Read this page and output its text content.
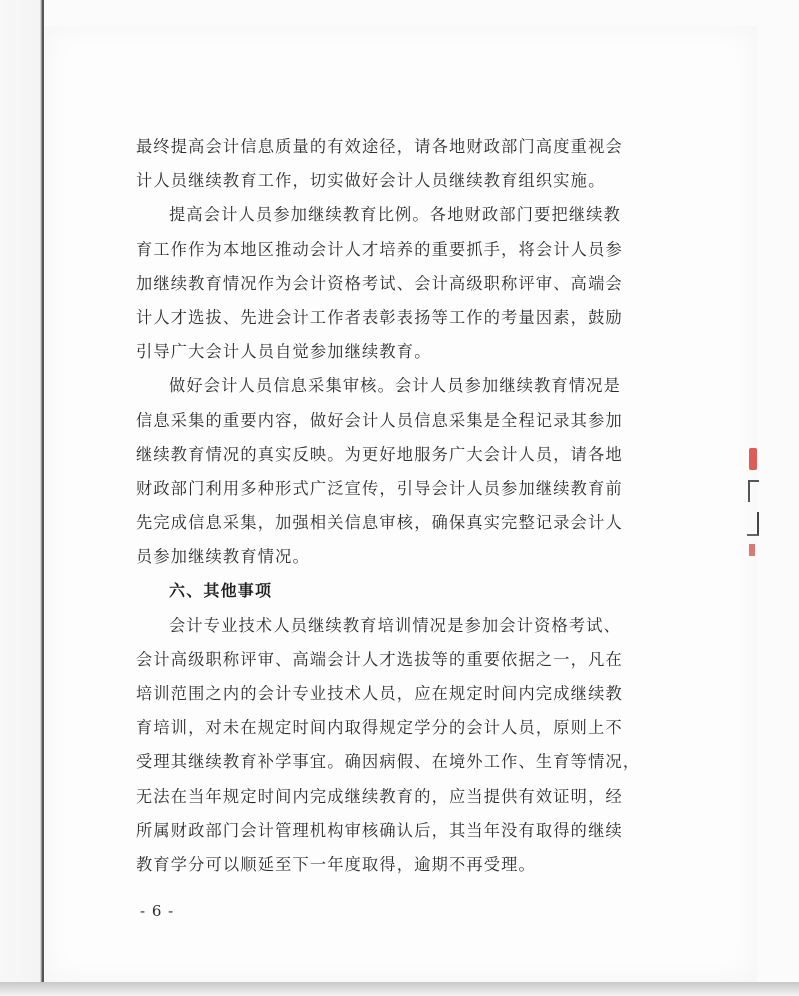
最终提高会计信息质量的有效途径，请各地财政部门高度重视会
计人员继续教育工作，切实做好会计人员继续教育组织实施。
提高会计人员参加继续教育比例。各地财政部门要把继续教
育工作作为本地区推动会计人才培养的重要抓手，将会计人员参
加继续教育情况作为会计资格考试、会计高级职称评审、高端会
计人才选拔、先进会计工作者表彰表扬等工作的考量因素，鼓励
引导广大会计人员自觉参加继续教育。
做好会计人员信息采集审核。会计人员参加继续教育情况是
信息采集的重要内容，做好会计人员信息采集是全程记录其参加
继续教育情况的真实反映。为更好地服务广大会计人员，请各地
财政部门利用多种形式广泛宣传，引导会计人员参加继续教育前
先完成信息采集，加强相关信息审核，确保真实完整记录会计人
员参加继续教育情况。
六、其他事项
会计专业技术人员继续教育培训情况是参加会计资格考试、
会计高级职称评审、高端会计人才选拔等的重要依据之一，凡在
培训范围之内的会计专业技术人员，应在规定时间内完成继续教
育培训，对未在规定时间内取得规定学分的会计人员，原则上不
受理其继续教育补学事宜。确因病假、在境外工作、生育等情况，
无法在当年规定时间内完成继续教育的，应当提供有效证明，经
所属财政部门会计管理机构审核确认后，其当年没有取得的继续
教育学分可以顺延至下一年度取得，逾期不再受理。
- 6 -
